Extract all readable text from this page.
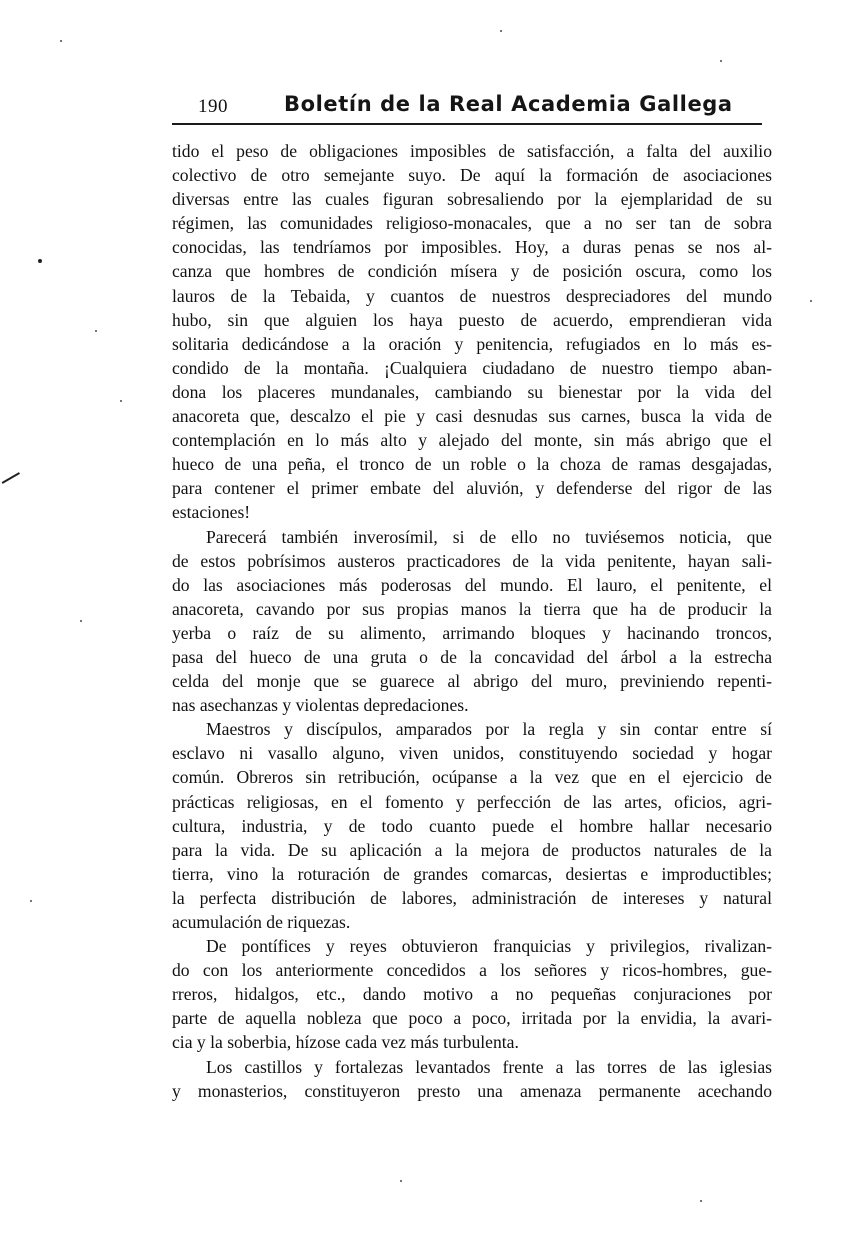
190	Boletín de la Real Academia Gallega
tido el peso de obligaciones imposibles de satisfacción, a falta del auxilio
colectivo de otro semejante suyo. De aquí la formación de asociaciones
diversas entre las cuales figuran sobresaliendo por la ejemplaridad de su
régimen, las comunidades religioso-monacales, que a no ser tan de sobra
conocidas, las tendríamos por imposibles. Hoy, a duras penas se nos al-
canza que hombres de condición mísera y de posición oscura, como los
lauros de la Tebaida, y cuantos de nuestros despreciadores del mundo
hubo, sin que alguien los haya puesto de acuerdo, emprendieran vida
solitaria dedicándose a la oración y penitencia, refugiados en lo más es-
condido de la montaña. ¡Cualquiera ciudadano de nuestro tiempo aban-
dona los placeres mundanales, cambiando su bienestar por la vida del
anacoreta que, descalzo el pie y casi desnudas sus carnes, busca la vida de
contemplación en lo más alto y alejado del monte, sin más abrigo que el
hueco de una peña, el tronco de un roble o la choza de ramas desgajadas,
para contener el primer embate del aluvión, y defenderse del rigor de las
estaciones!
Parecerá también inverosímil, si de ello no tuviésemos noticia, que
de estos pobrísimos austeros practicadores de la vida penitente, hayan sali-
do las asociaciones más poderosas del mundo. El lauro, el penitente, el
anacoreta, cavando por sus propias manos la tierra que ha de producir la
yerba o raíz de su alimento, arrimando bloques y hacinando troncos,
pasa del hueco de una gruta o de la concavidad del árbol a la estrecha
celda del monje que se guarece al abrigo del muro, previniendo repenti-
nas asechanzas y violentas depredaciones.
Maestros y discípulos, amparados por la regla y sin contar entre sí
esclavo ni vasallo alguno, viven unidos, constituyendo sociedad y hogar
común. Obreros sin retribución, ocúpanse a la vez que en el ejercicio de
prácticas religiosas, en el fomento y perfección de las artes, oficios, agri-
cultura, industria, y de todo cuanto puede el hombre hallar necesario
para la vida. De su aplicación a la mejora de productos naturales de la
tierra, vino la roturación de grandes comarcas, desiertas e improductibles;
la perfecta distribución de labores, administración de intereses y natural
acumulación de riquezas.
De pontífices y reyes obtuvieron franquicias y privilegios, rivalizan-
do con los anteriormente concedidos a los señores y ricos-hombres, gue-
rreros, hidalgos, etc., dando motivo a no pequeñas conjuraciones por
parte de aquella nobleza que poco a poco, irritada por la envidia, la avari-
cia y la soberbia, hízose cada vez más turbulenta.
Los castillos y fortalezas levantados frente a las torres de las iglesias
y monasterios, constituyeron presto una amenaza permanente acechando
